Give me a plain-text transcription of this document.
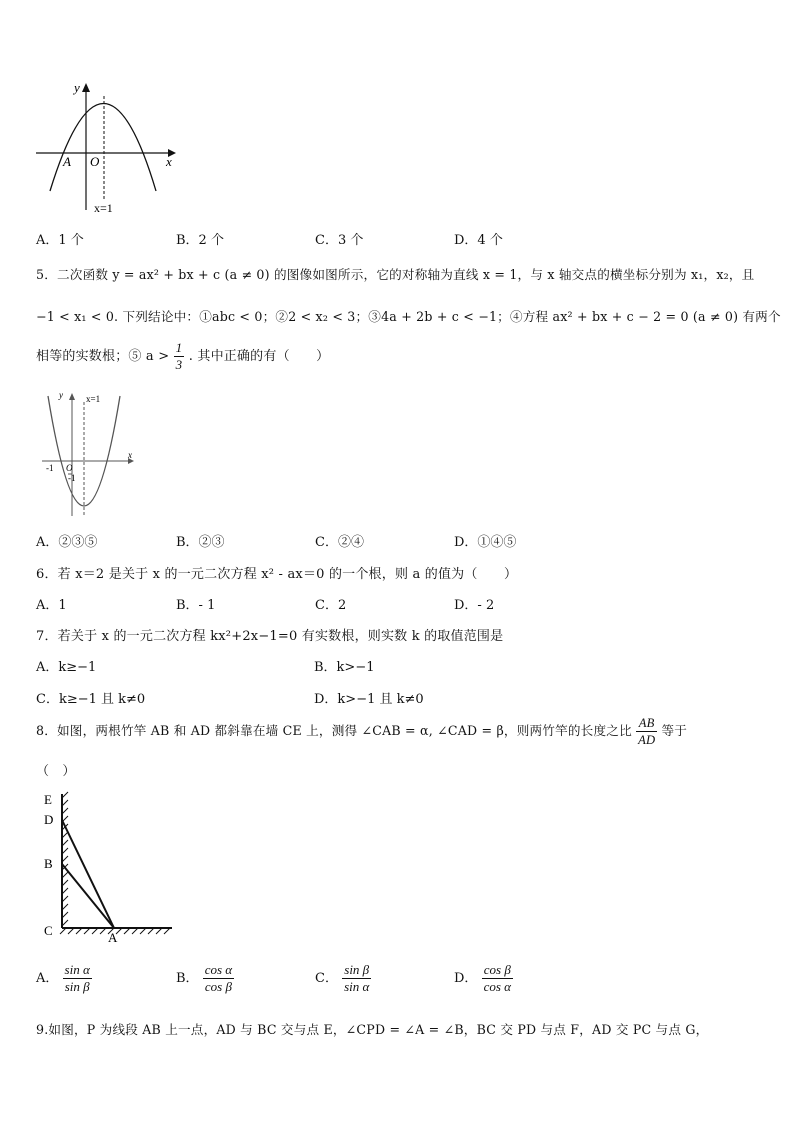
y
x
A O
x=1
A．1 个	B．2 个	C．3 个	D．4 个
5．二次函数 y = ax² + bx + c (a ≠ 0) 的图像如图所示，它的对称轴为直线 x = 1，与 x 轴交点的横坐标分别为 x₁，x₂，且
−1 < x₁ < 0. 下列结论中：①abc < 0；②2 < x₂ < 3；③4a + 2b + c < −1；④方程 ax² + bx + c − 2 = 0 (a ≠ 0) 有两个
相等的实数根；⑤ $a > \frac{1}{3}$ . 其中正确的有（　　）
y
x
x=1
O
-1
-1
A．②③⑤	B．②③	C．②④	D．①④⑤
6．若 x＝2 是关于 x 的一元二次方程 x² - ax＝0 的一个根，则 a 的值为（　　）
A．1	B．- 1	C．2	D．- 2
7．若关于 x 的一元二次方程 kx²+2x−1=0 有实数根，则实数 k 的取值范围是
A．k≥−1	B．k>−1
C．k≥−1 且 k≠0	D．k>−1 且 k≠0
8．如图，两根竹竿 AB 和 AD 都斜靠在墙 CE 上，测得 ∠CAB = α, ∠CAD = β，则两竹竿的长度之比 $\frac{AB}{AD}$ 等于
（　）
E
D
B
C	A
A． $\frac{\text{sin α}}{\text{sin β}}$	B． $\frac{\text{cos α}}{\text{cos β}}$	C． $\frac{\text{sin β}}{\text{sin α}}$	D． $\frac{\text{cos β}}{\text{cos α}}$
9.如图，P 为线段 AB 上一点，AD 与 BC 交与点 E，∠CPD = ∠A = ∠B，BC 交 PD 与点 F，AD 交 PC 与点 G，
